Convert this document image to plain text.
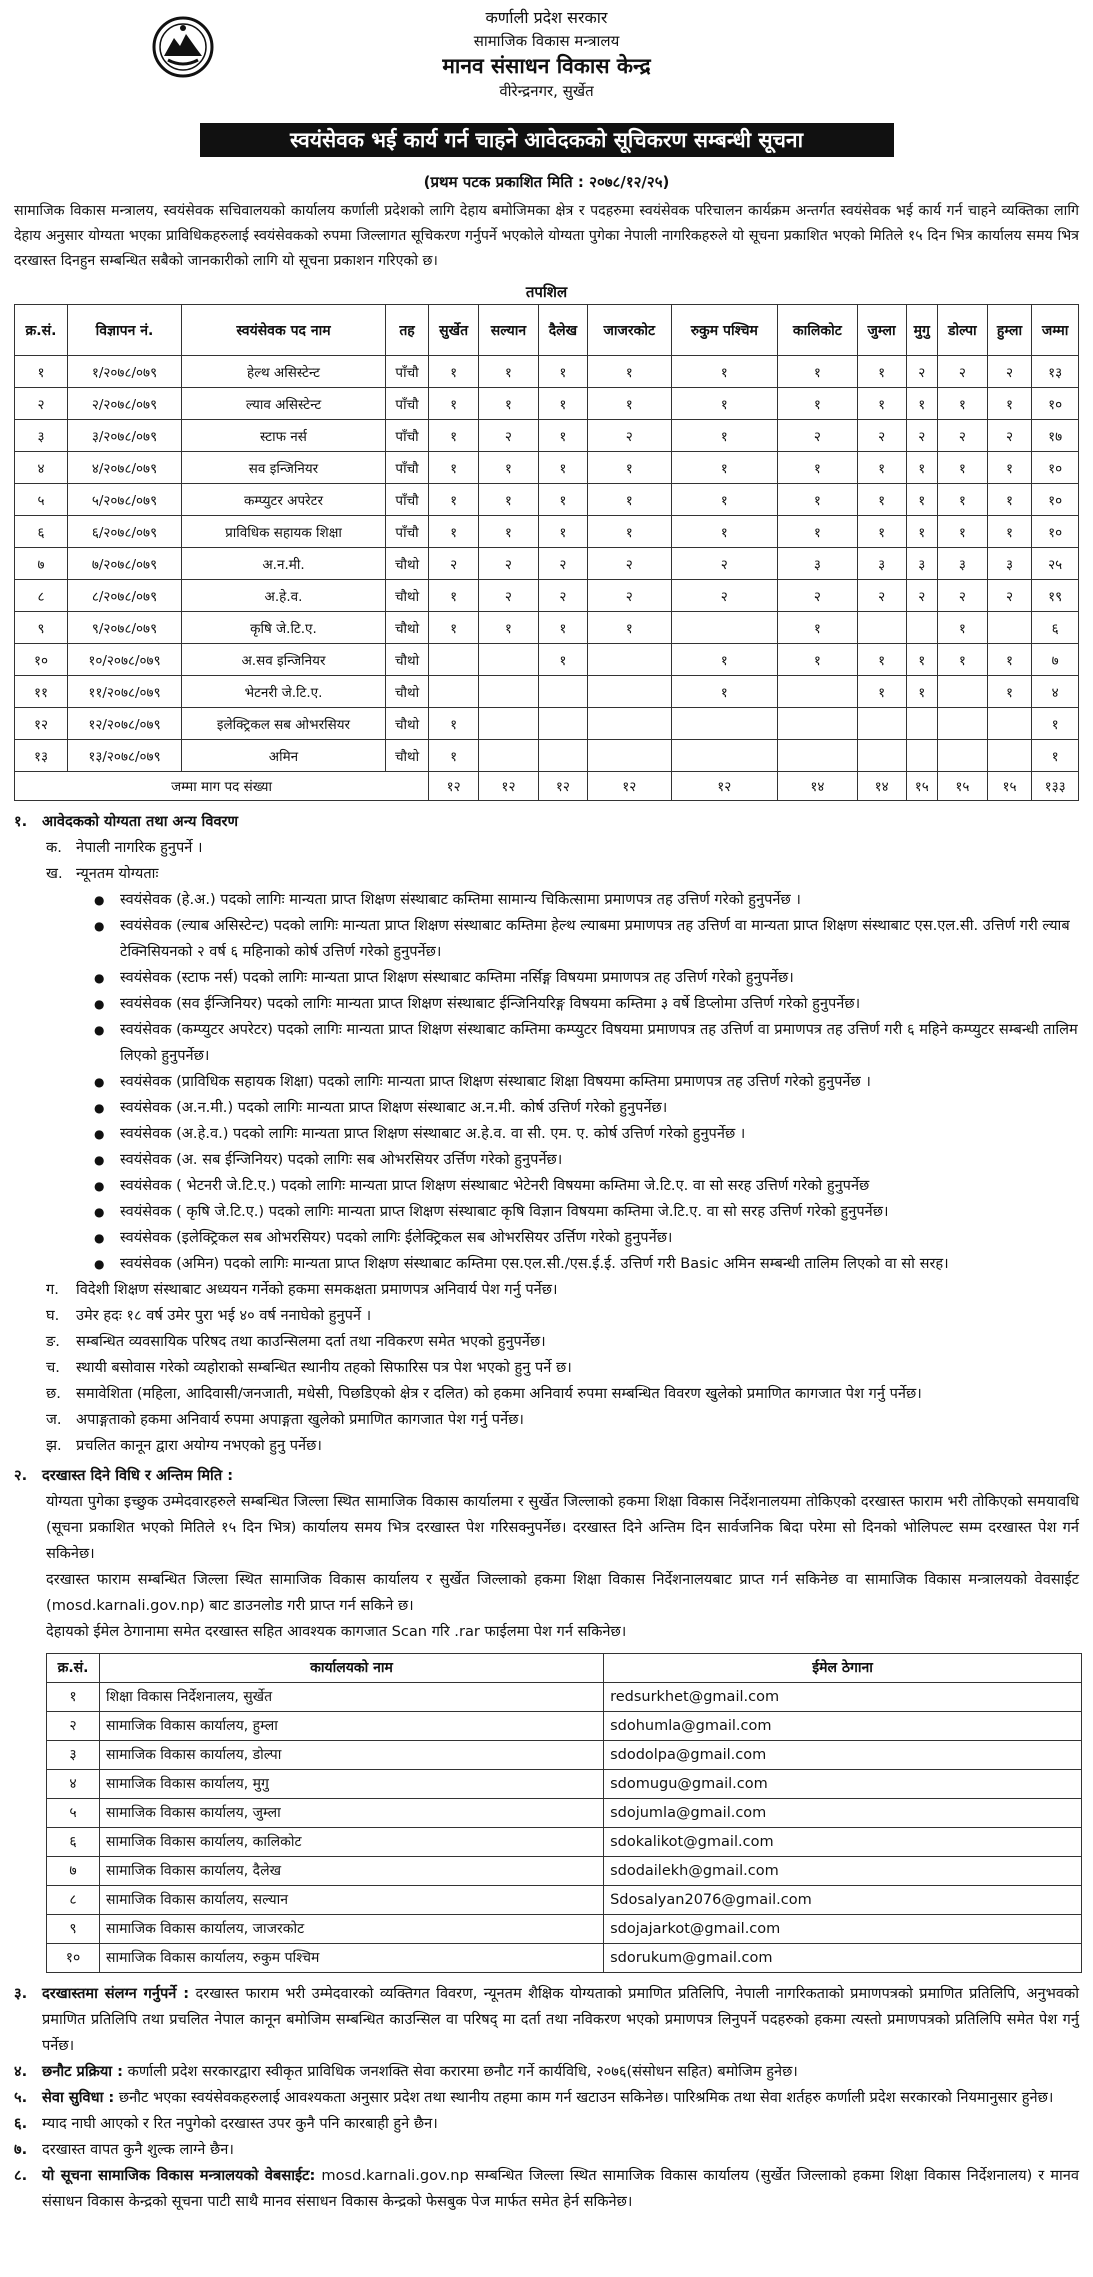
कर्णाली प्रदेश सरकार
सामाजिक विकास मन्त्रालय
मानव संसाधन विकास केन्द्र
वीरेन्द्रनगर, सुर्खेत
स्वयंसेवक भई कार्य गर्न चाहने आवेदकको सूचिकरण सम्बन्धी सूचना
(प्रथम पटक प्रकाशित मिति : २०७८/१२/२५)
सामाजिक विकास मन्त्रालय, स्वयंसेवक सचिवालयको कार्यालय कर्णाली प्रदेशको लागि देहाय बमोजिमका क्षेत्र र पदहरुमा स्वयंसेवक परिचालन कार्यक्रम अन्तर्गत स्वयंसेवक भई कार्य गर्न चाहने व्यक्तिका लागि देहाय अनुसार योग्यता भएका प्राविधिकहरुलाई स्वयंसेवकको रुपमा जिल्लागत सूचिकरण गर्नुपर्ने भएकोले योग्यता पुगेका नेपाली नागरिकहरुले यो सूचना प्रकाशित भएको मितिले १५ दिन भित्र कार्यालय समय भित्र दरखास्त दिनहुन सम्बन्धित सबैको जानकारीको लागि यो सूचना प्रकाशन गरिएको छ।
तपशिल
क्र.सं.	विज्ञापन नं.	स्वयंसेवक पद नाम	तह	सुर्खेत	सल्यान	दैलेख	जाजरकोट	रुकुम पश्चिम	कालिकोट	जुम्ला	मुगु	डोल्पा	हुम्ला	जम्मा
१	१/२०७८/०७९	हेल्थ असिस्टेन्ट	पाँचौ	१	१	१	१	१	१	१	२	२	२	१३
२	२/२०७८/०७९	ल्याव असिस्टेन्ट	पाँचौ	१	१	१	१	१	१	१	१	१	१	१०
३	३/२०७८/०७९	स्टाफ नर्स	पाँचौ	१	२	१	२	१	२	२	२	२	२	१७
४	४/२०७८/०७९	सव इन्जिनियर	पाँचौ	१	१	१	१	१	१	१	१	१	१	१०
५	५/२०७८/०७९	कम्प्युटर अपरेटर	पाँचौ	१	१	१	१	१	१	१	१	१	१	१०
६	६/२०७८/०७९	प्राविधिक सहायक शिक्षा	पाँचौ	१	१	१	१	१	१	१	१	१	१	१०
७	७/२०७८/०७९	अ.न.मी.	चौथो	२	२	२	२	२	३	३	३	३	३	२५
८	८/२०७८/०७९	अ.हे.व.	चौथो	१	२	२	२	२	२	२	२	२	२	१९
९	९/२०७८/०७९	कृषि जे.टि.ए.	चौथो	१	१	१	१		१			१		६
१०	१०/२०७८/०७९	अ.सव इन्जिनियर	चौथो			१		१	१	१	१	१	१	७
११	११/२०७८/०७९	भेटनरी जे.टि.ए.	चौथो					१		१	१		१	४
१२	१२/२०७८/०७९	इलेक्ट्रिकल सब ओभरसियर	चौथो	१										१
१३	१३/२०७८/०७९	अमिन	चौथो	१										१
जम्मा माग पद संख्या				१२	१२	१२	१२	१२	१४	१४	१५	१५	१५	१३३
१.	आवेदकको योग्यता तथा अन्य विवरण
क. नेपाली नागरिक हुनुपर्ने ।
ख. न्यूनतम योग्यताः
●	स्वयंसेवक (हे.अ.) पदको लागिः मान्यता प्राप्त शिक्षण संस्थाबाट कम्तिमा सामान्य चिकित्सामा प्रमाणपत्र तह उत्तिर्ण गरेको हुनुपर्नेछ ।
●	स्वयंसेवक (ल्याब असिस्टेन्ट) पदको लागिः मान्यता प्राप्त शिक्षण संस्थाबाट कम्तिमा हेल्थ ल्याबमा प्रमाणपत्र तह उत्तिर्ण वा मान्यता प्राप्त शिक्षण संस्थाबाट एस.एल.सी. उत्तिर्ण गरी ल्याब टेक्निसियनको २ वर्ष ६ महिनाको कोर्ष उत्तिर्ण गरेको हुनुपर्नेछ।
●	स्वयंसेवक (स्टाफ नर्स) पदको लागिः मान्यता प्राप्त शिक्षण संस्थाबाट कम्तिमा नर्सिङ्ग विषयमा प्रमाणपत्र तह उत्तिर्ण गरेको हुनुपर्नेछ।
●	स्वयंसेवक (सव ईन्जिनियर) पदको लागिः मान्यता प्राप्त शिक्षण संस्थाबाट ईन्जिनियरिङ्ग विषयमा कम्तिमा ३ वर्षे डिप्लोमा उत्तिर्ण गरेको हुनुपर्नेछ।
●	स्वयंसेवक (कम्प्युटर अपरेटर) पदको लागिः मान्यता प्राप्त शिक्षण संस्थाबाट कम्तिमा कम्प्युटर विषयमा प्रमाणपत्र तह उत्तिर्ण वा प्रमाणपत्र तह उत्तिर्ण गरी ६ महिने कम्प्युटर सम्बन्धी तालिम लिएको हुनुपर्नेछ।
●	स्वयंसेवक (प्राविधिक सहायक शिक्षा) पदको लागिः मान्यता प्राप्त शिक्षण संस्थाबाट शिक्षा विषयमा कम्तिमा प्रमाणपत्र तह उत्तिर्ण गरेको हुनुपर्नेछ ।
●	स्वयंसेवक (अ.न.मी.) पदको लागिः मान्यता प्राप्त शिक्षण संस्थाबाट अ.न.मी. कोर्ष उत्तिर्ण गरेको हुनुपर्नेछ।
●	स्वयंसेवक (अ.हे.व.) पदको लागिः मान्यता प्राप्त शिक्षण संस्थाबाट अ.हे.व. वा सी. एम. ए. कोर्ष उत्तिर्ण गरेको हुनुपर्नेछ ।
●	स्वयंसेवक (अ. सब ईन्जिनियर) पदको लागिः सब ओभरसियर उर्त्तिण गरेको हुनुपर्नेछ।
●	स्वयंसेवक ( भेटनरी जे.टि.ए.) पदको लागिः मान्यता प्राप्त शिक्षण संस्थाबाट भेटेनरी विषयमा कम्तिमा जे.टि.ए. वा सो सरह उत्तिर्ण गरेको हुनुपर्नेछ
●	स्वयंसेवक ( कृषि जे.टि.ए.) पदको लागिः मान्यता प्राप्त शिक्षण संस्थाबाट कृषि विज्ञान विषयमा कम्तिमा जे.टि.ए. वा सो सरह उत्तिर्ण गरेको हुनुपर्नेछ।
●	स्वयंसेवक (इलेक्ट्रिकल सब ओभरसियर) पदको लागिः ईलेक्ट्रिकल सब ओभरसियर उर्त्तिण गरेको हुनुपर्नेछ।
●	स्वयंसेवक (अमिन) पदको लागिः मान्यता प्राप्त शिक्षण संस्थाबाट कम्तिमा एस.एल.सी./एस.ई.ई. उत्तिर्ण गरी Basic अमिन सम्बन्धी तालिम लिएको वा सो सरह।
ग.	विदेशी शिक्षण संस्थाबाट अध्ययन गर्नेको हकमा समकक्षता प्रमाणपत्र अनिवार्य पेश गर्नु पर्नेछ।
घ.	उमेर हदः १८ वर्ष उमेर पुरा भई ४० वर्ष ननाघेको हुनुपर्ने ।
ङ.	सम्बन्धित व्यवसायिक परिषद तथा काउन्सिलमा दर्ता तथा नविकरण समेत भएको हुनुपर्नेछ।
च.	स्थायी बसोवास गरेको व्यहोराको सम्बन्धित स्थानीय तहको सिफारिस पत्र पेश भएको हुनु पर्ने छ।
छ.	समावेशिता (महिला, आदिवासी/जनजाती, मधेसी, पिछडिएको क्षेत्र र दलित) को हकमा अनिवार्य रुपमा सम्बन्धित विवरण खुलेको प्रमाणित कागजात पेश गर्नु पर्नेछ।
ज. अपाङ्गताको हकमा अनिवार्य रुपमा अपाङ्गता खुलेको प्रमाणित कागजात पेश गर्नु पर्नेछ।
झ. प्रचलित कानून द्वारा अयोग्य नभएको हुनु पर्नेछ।
२.	दरखास्त दिने विधि र अन्तिम मिति :
योग्यता पुगेका इच्छुक उम्मेदवारहरुले सम्बन्धित जिल्ला स्थित सामाजिक विकास कार्यालमा र सुर्खेत जिल्लाको हकमा शिक्षा विकास निर्देशनालयमा तोकिएको दरखास्त फाराम भरी तोकिएको समयावधि (सूचना प्रकाशित भएको मितिले १५ दिन भित्र) कार्यालय समय भित्र दरखास्त पेश गरिसक्नुपर्नेछ। दरखास्त दिने अन्तिम दिन सार्वजनिक बिदा परेमा सो दिनको भोलिपल्ट सम्म दरखास्त पेश गर्न सकिनेछ।
दरखास्त फाराम सम्बन्धित जिल्ला स्थित सामाजिक विकास कार्यालय र सुर्खेत जिल्लाको हकमा शिक्षा विकास निर्देशनालयबाट प्राप्त गर्न सकिनेछ वा सामाजिक विकास मन्त्रालयको वेवसाईट (mosd.karnali.gov.np) बाट डाउनलोड गरी प्राप्त गर्न सकिने छ।
देहायको ईमेल ठेगानामा समेत दरखास्त सहित आवश्यक कागजात Scan गरि .rar फाईलमा पेश गर्न सकिनेछ।
क्र.सं.	कार्यालयको नाम	ईमेल ठेगाना
१	शिक्षा विकास निर्देशनालय, सुर्खेत	redsurkhet@gmail.com
२	सामाजिक विकास कार्यालय, हुम्ला	sdohumla@gmail.com
३	सामाजिक विकास कार्यालय, डोल्पा	sdodolpa@gmail.com
४	सामाजिक विकास कार्यालय, मुगु	sdomugu@gmail.com
५	सामाजिक विकास कार्यालय, जुम्ला	sdojumla@gmail.com
६	सामाजिक विकास कार्यालय, कालिकोट	sdokalikot@gmail.com
७	सामाजिक विकास कार्यालय, दैलेख	sdodailekh@gmail.com
८	सामाजिक विकास कार्यालय, सल्यान	Sdosalyan2076@gmail.com
९	सामाजिक विकास कार्यालय, जाजरकोट	sdojajarkot@gmail.com
१०	सामाजिक विकास कार्यालय, रुकुम पश्चिम	sdorukum@gmail.com
३.	दरखास्तमा संलग्न गर्नुपर्ने : दरखास्त फाराम भरी उम्मेदवारको व्यक्तिगत विवरण, न्यूनतम शैक्षिक योग्यताको प्रमाणित प्रतिलिपि, नेपाली नागरिकताको प्रमाणपत्रको प्रमाणित प्रतिलिपि, अनुभवको प्रमाणित प्रतिलिपि तथा प्रचलित नेपाल कानून बमोजिम सम्बन्धित काउन्सिल वा परिषद् मा दर्ता तथा नविकरण भएको प्रमाणपत्र लिनुपर्ने पदहरुको हकमा त्यस्तो प्रमाणपत्रको प्रतिलिपि समेत पेश गर्नु पर्नेछ।
४.	छनौट प्रक्रिया : कर्णाली प्रदेश सरकारद्वारा स्वीकृत प्राविधिक जनशक्ति सेवा करारमा छनौट गर्ने कार्यविधि, २०७६(संसोधन सहित) बमोजिम हुनेछ।
५.	सेवा सुविधा : छनौट भएका स्वयंसेवकहरुलाई आवश्यकता अनुसार प्रदेश तथा स्थानीय तहमा काम गर्न खटाउन सकिनेछ। पारिश्रमिक तथा सेवा शर्तहरु कर्णाली प्रदेश सरकारको नियमानुसार हुनेछ।
६.	म्याद नाघी आएको र रित नपुगेको दरखास्त उपर कुनै पनि कारबाही हुने छैन।
७.	दरखास्त वापत कुनै शुल्क लाग्ने छैन।
८.	यो सूचना सामाजिक विकास मन्त्रालयको वेबसाईट: mosd.karnali.gov.np सम्बन्धित जिल्ला स्थित सामाजिक विकास कार्यालय (सुर्खेत जिल्लाको हकमा शिक्षा विकास निर्देशनालय) र मानव संसाधन विकास केन्द्रको सूचना पाटी साथै मानव संसाधन विकास केन्द्रको फेसबुक पेज मार्फत समेत हेर्न सकिनेछ।
